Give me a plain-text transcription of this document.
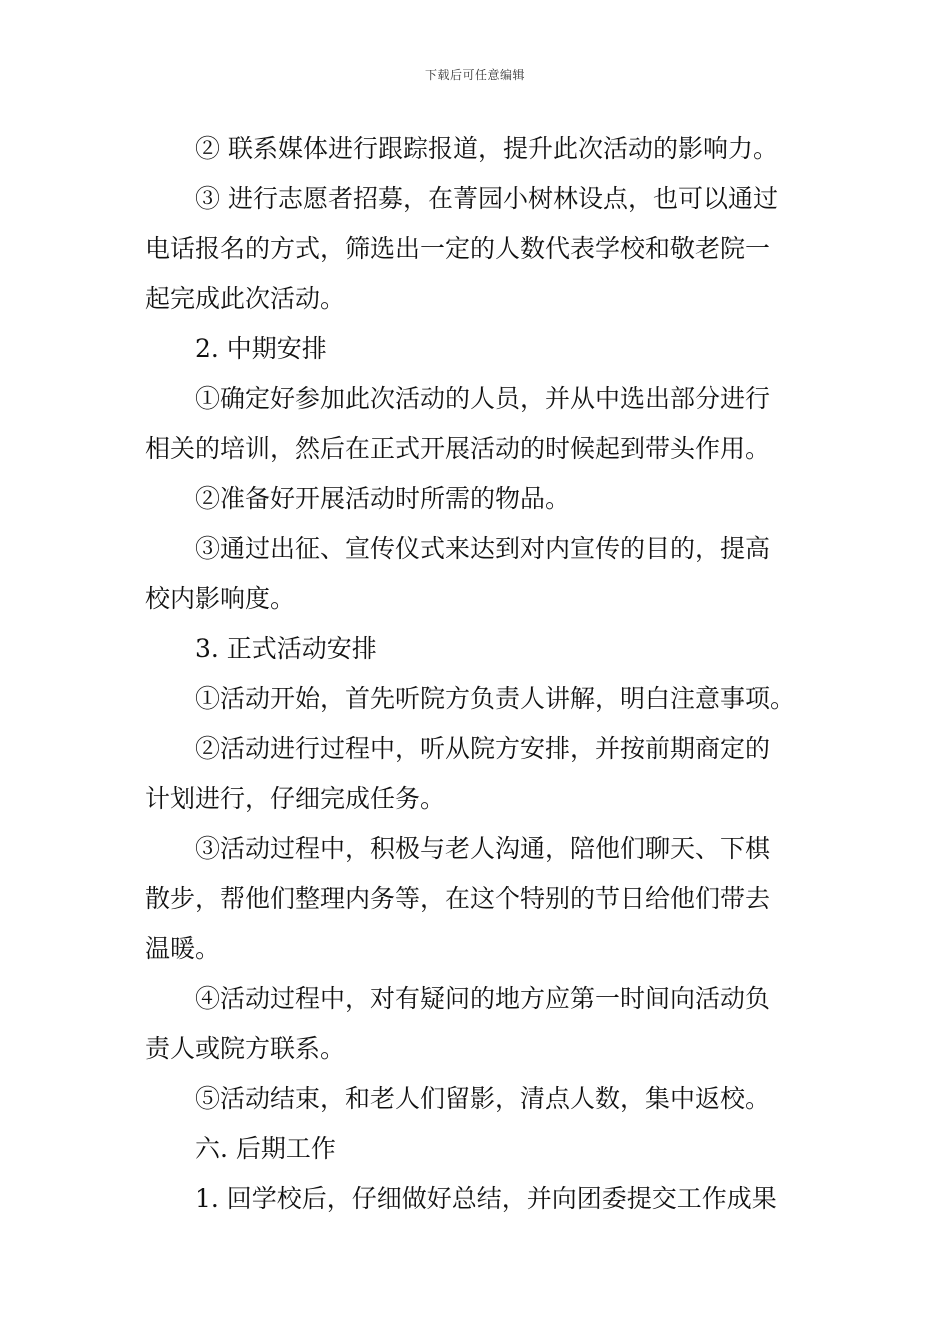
下载后可任意编辑
② 联系媒体进行跟踪报道，提升此次活动的影响力。
③ 进行志愿者招募，在菁园小树林设点，也可以通过
电话报名的方式，筛选出一定的人数代表学校和敬老院一
起完成此次活动。
2. 中期安排
①确定好参加此次活动的人员，并从中选出部分进行
相关的培训，然后在正式开展活动的时候起到带头作用。
②准备好开展活动时所需的物品。
③通过出征、宣传仪式来达到对内宣传的目的，提高
校内影响度。
3. 正式活动安排
①活动开始，首先听院方负责人讲解，明白注意事项。
②活动进行过程中，听从院方安排，并按前期商定的
计划进行，仔细完成任务。
③活动过程中，积极与老人沟通，陪他们聊天、下棋
散步，帮他们整理内务等，在这个特别的节日给他们带去
温暖。
④活动过程中，对有疑问的地方应第一时间向活动负
责人或院方联系。
⑤活动结束，和老人们留影，清点人数，集中返校。
六. 后期工作
1. 回学校后，仔细做好总结，并向团委提交工作成果
